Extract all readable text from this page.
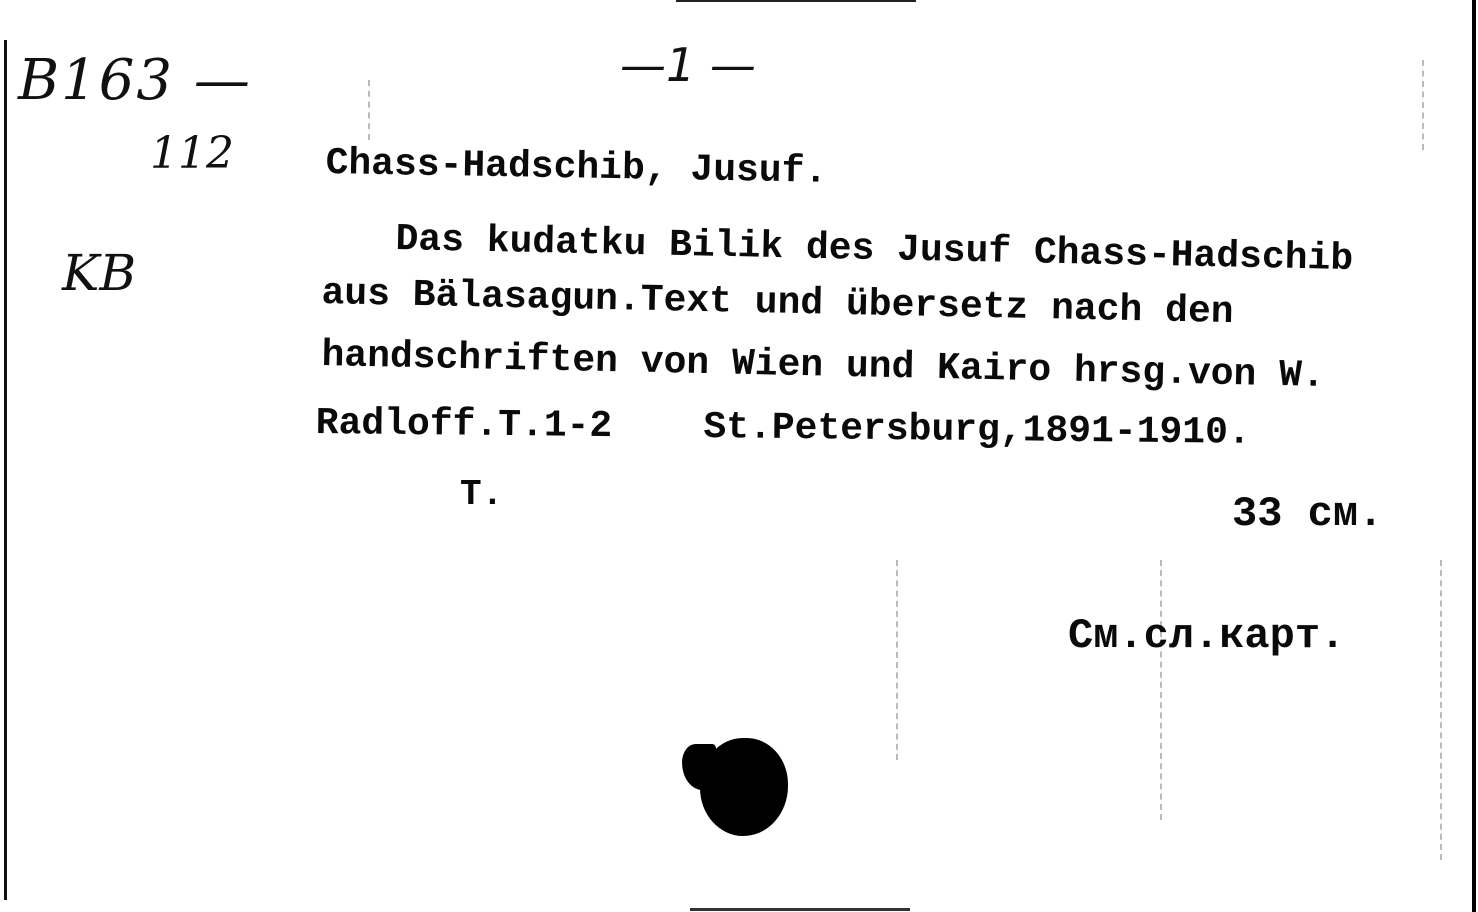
B163 —
112
KB
—1 —
Chass-Hadschib, Jusuf.
Das kudatku Bilik des Jusuf Chass-Hadschib
aus Bälasagun.Text und übersetz nach den
handschriften von Wien und Kairo hrsg.von W.
Radloff.T.1-2    St.Petersburg,1891-1910.
T.	33 см.
См.сл.карт.
